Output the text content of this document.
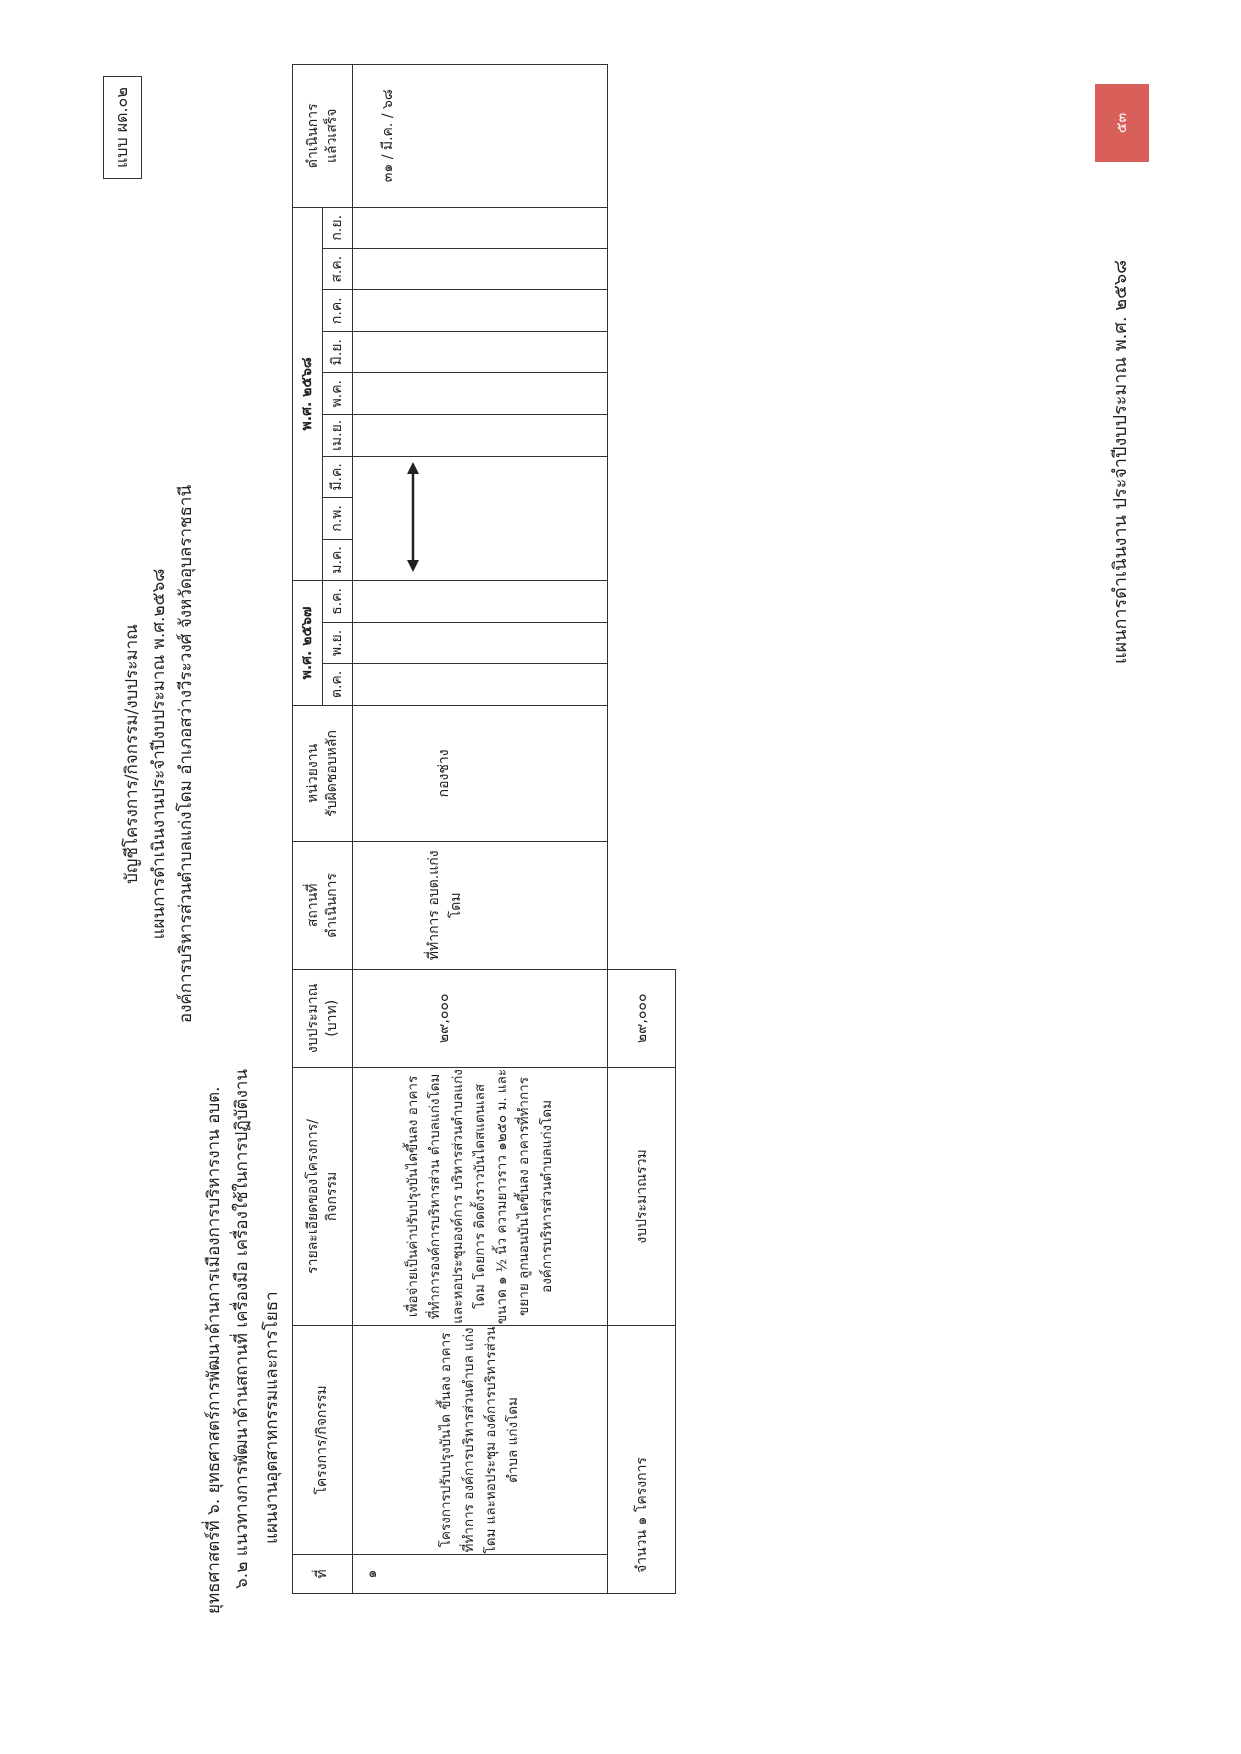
แบบ ผด.๐๒
บัญชีโครงการ/กิจกรรม/งบประมาณ แผนการดำเนินงานประจำปีงบประมาณ พ.ศ.๒๕๖๘ องค์การบริหารส่วนตำบลแก่งโดม อำเภอสว่างวีระวงศ์ จังหวัดอุบลราชธานี
ยุทธศาสตร์ที่ ๖. ยุทธศาสตร์การพัฒนาด้านการเมืองการบริหารงาน อบต. ๖.๒ แนวทางการพัฒนาด้านสถานที่ เครื่องมือ เครื่องใช้ในการปฏิบัติงาน แผนงานอุตสาหกรรมและการโยธา
ที่	โครงการ/กิจกรรม	รายละเอียดของโครงการ/ กิจกรรม	งบประมาณ (บาท)	สถานที่ ดำเนินการ	หน่วยงาน รับผิดชอบหลัก	พ.ศ. ๒๕๖๗			พ.ศ. ๒๕๖๘									ดำเนินการ แล้วเสร็จ
						ต.ค.	พ.ย.	ธ.ค.	ม.ค.	ก.พ.	มี.ค.	เม.ย.	พ.ค.	มิ.ย.	ก.ค.	ส.ค.	ก.ย.	
๑	โครงการปรับปรุงบันได ขึ้นลง อาคารที่ทำการ องค์การบริหารส่วนตำบล แก่งโดม และหอประชุม องค์การบริหารส่วนตำบล แก่งโดม	เพื่อจ่ายเป็นค่าปรับปรุงบันไดขึ้นลง อาคารที่ทำการองค์การบริหารส่วน ตำบลแก่งโดม และหอประชุมองค์การ บริหารส่วนตำบลแก่งโดม โดยการ ติดตั้งราวบันไดสแตนเลส ขนาด ๑ ½ นิ้ว ความยาวราว ๑๒๕๐ ม. และขยาย ลูกนอนบันไดขึ้นลง อาคารที่ทำการ องค์การบริหารส่วนตำบลแก่งโดม	๒๙,๐๐๐	ที่ทำการ อบต.แก่งโดม	กองช่าง													๓๑ / มี.ค. / ๖๘
จำนวน ๑ โครงการ		งบประมาณรวม	๒๙,๐๐๐															
แผนการดำเนินงาน ประจำปีงบประมาณ พ.ศ. ๒๕๖๘
๕๓
